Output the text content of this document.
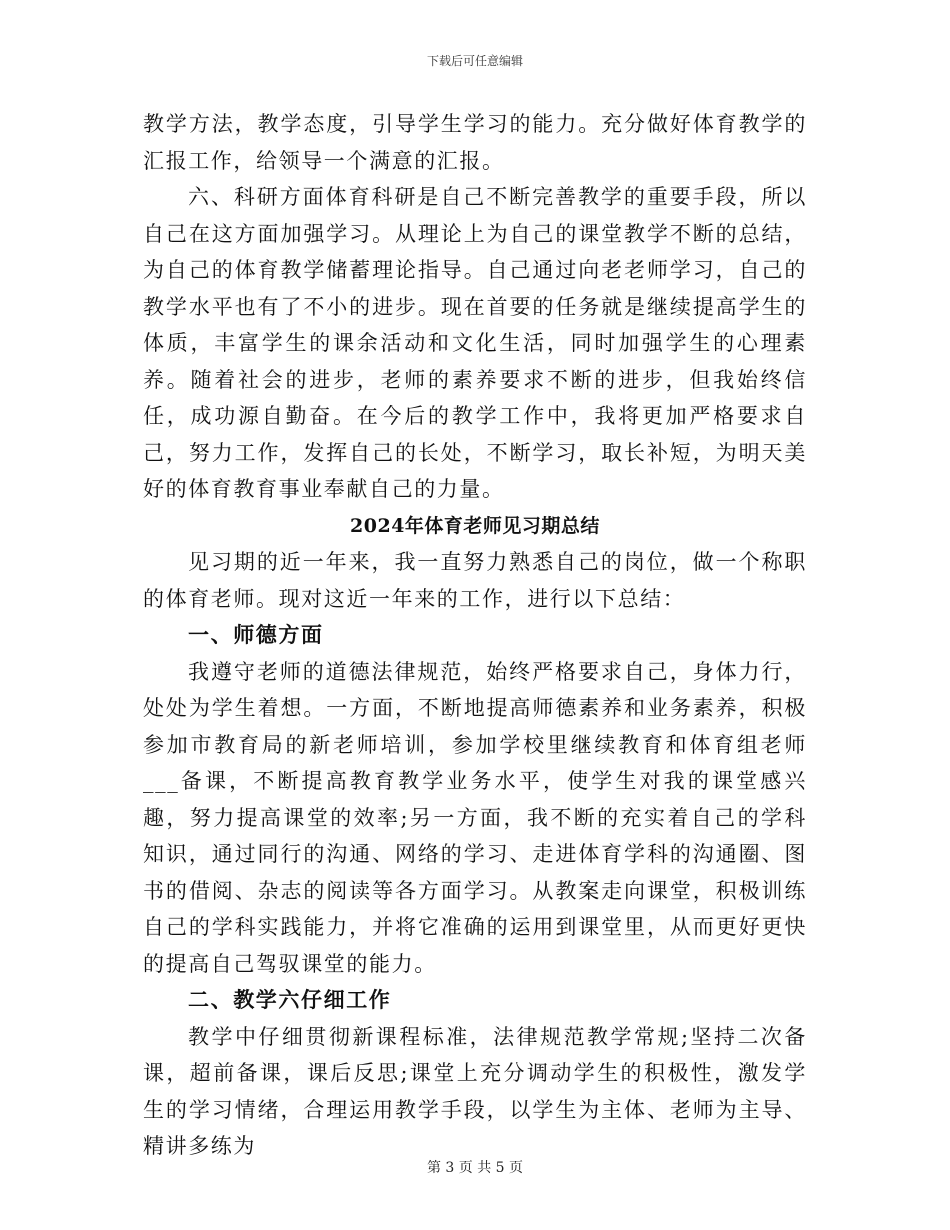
下载后可任意编辑

教学方法，教学态度，引导学生学习的能力。充分做好体育教学的汇报工作，给领导一个满意的汇报。

六、科研方面体育科研是自己不断完善教学的重要手段，所以自己在这方面加强学习。从理论上为自己的课堂教学不断的总结，为自己的体育教学储蓄理论指导。自己通过向老老师学习，自己的教学水平也有了不小的进步。现在首要的任务就是继续提高学生的体质，丰富学生的课余活动和文化生活，同时加强学生的心理素养。随着社会的进步，老师的素养要求不断的进步，但我始终信任，成功源自勤奋。在今后的教学工作中，我将更加严格要求自己，努力工作，发挥自己的长处，不断学习，取长补短，为明天美好的体育教育事业奉献自己的力量。

2024年体育老师见习期总结

见习期的近一年来，我一直努力熟悉自己的岗位，做一个称职的体育老师。现对这近一年来的工作，进行以下总结：

一、师德方面

我遵守老师的道德法律规范，始终严格要求自己，身体力行，处处为学生着想。一方面，不断地提高师德素养和业务素养，积极参加市教育局的新老师培训，参加学校里继续教育和体育组老师___备课，不断提高教育教学业务水平，使学生对我的课堂感兴趣，努力提高课堂的效率;另一方面，我不断的充实着自己的学科知识，通过同行的沟通、网络的学习、走进体育学科的沟通圈、图书的借阅、杂志的阅读等各方面学习。从教案走向课堂，积极训练自己的学科实践能力，并将它准确的运用到课堂里，从而更好更快的提高自己驾驭课堂的能力。

二、教学六仔细工作

教学中仔细贯彻新课程标准，法律规范教学常规;坚持二次备课，超前备课，课后反思;课堂上充分调动学生的积极性，激发学生的学习情绪，合理运用教学手段，以学生为主体、老师为主导、精讲多练为

第 3 页 共 5 页
